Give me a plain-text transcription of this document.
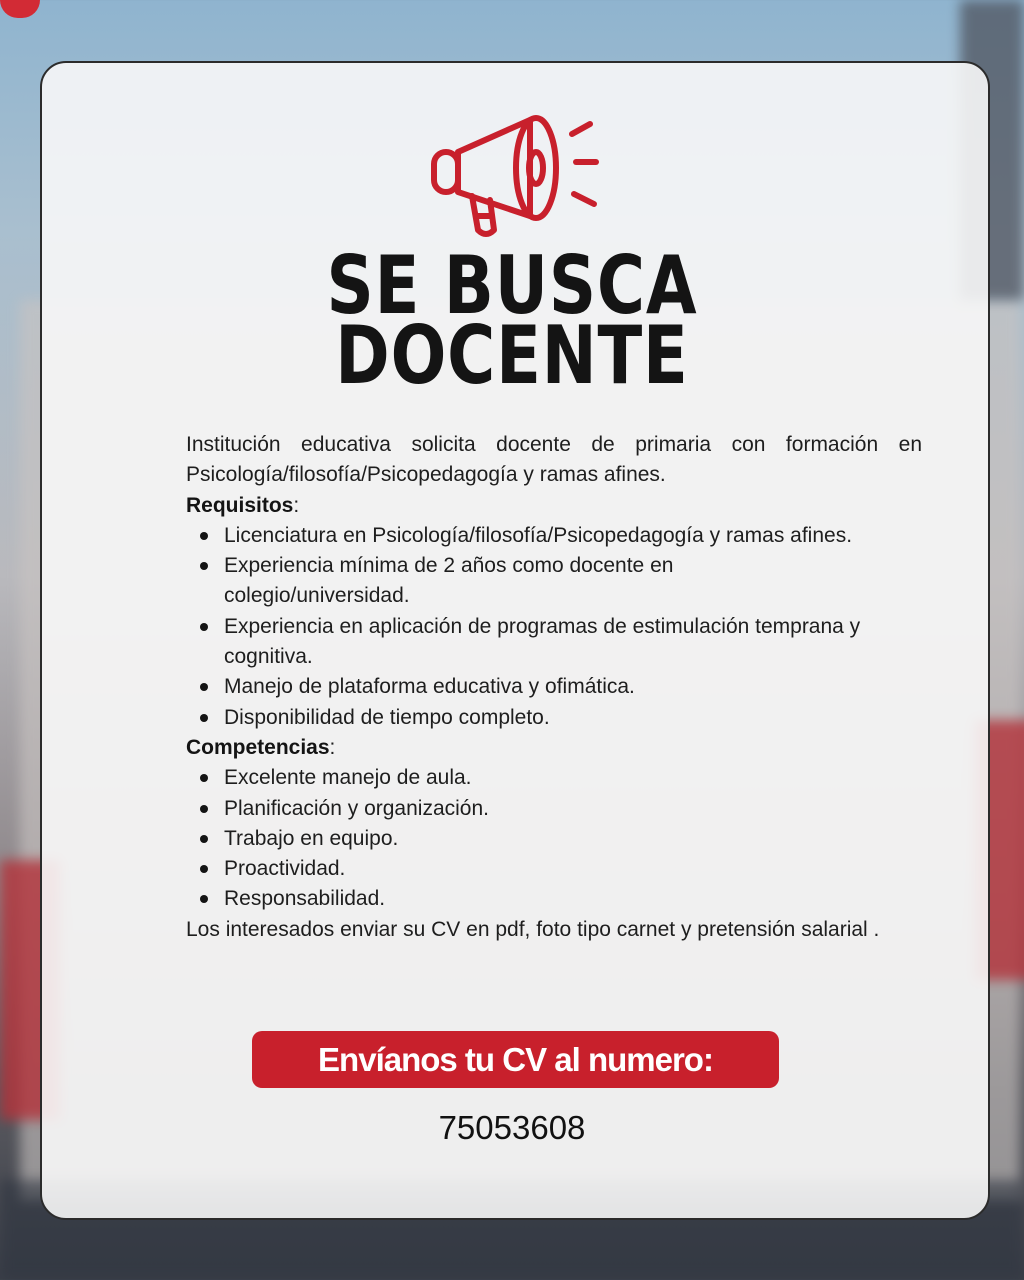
SE BUSCA
DOCENTE

Institución educativa solicita docente de primaria con formación en Psicología/filosofía/Psicopedagogía y ramas afines.

Requisitos:

Licenciatura en Psicología/filosofía/Psicopedagogía y ramas afines.
Experiencia mínima de 2 años como docente en colegio/universidad.
Experiencia en aplicación de programas de estimulación temprana y cognitiva.
Manejo de plataforma educativa y ofimática.
Disponibilidad de tiempo completo.

Competencias:

Excelente manejo de aula.
Planificación y organización.
Trabajo en equipo.
Proactividad.
Responsabilidad.

Los interesados enviar su CV en pdf, foto tipo carnet y pretensión salarial .

Envíanos tu CV al numero:
75053608
